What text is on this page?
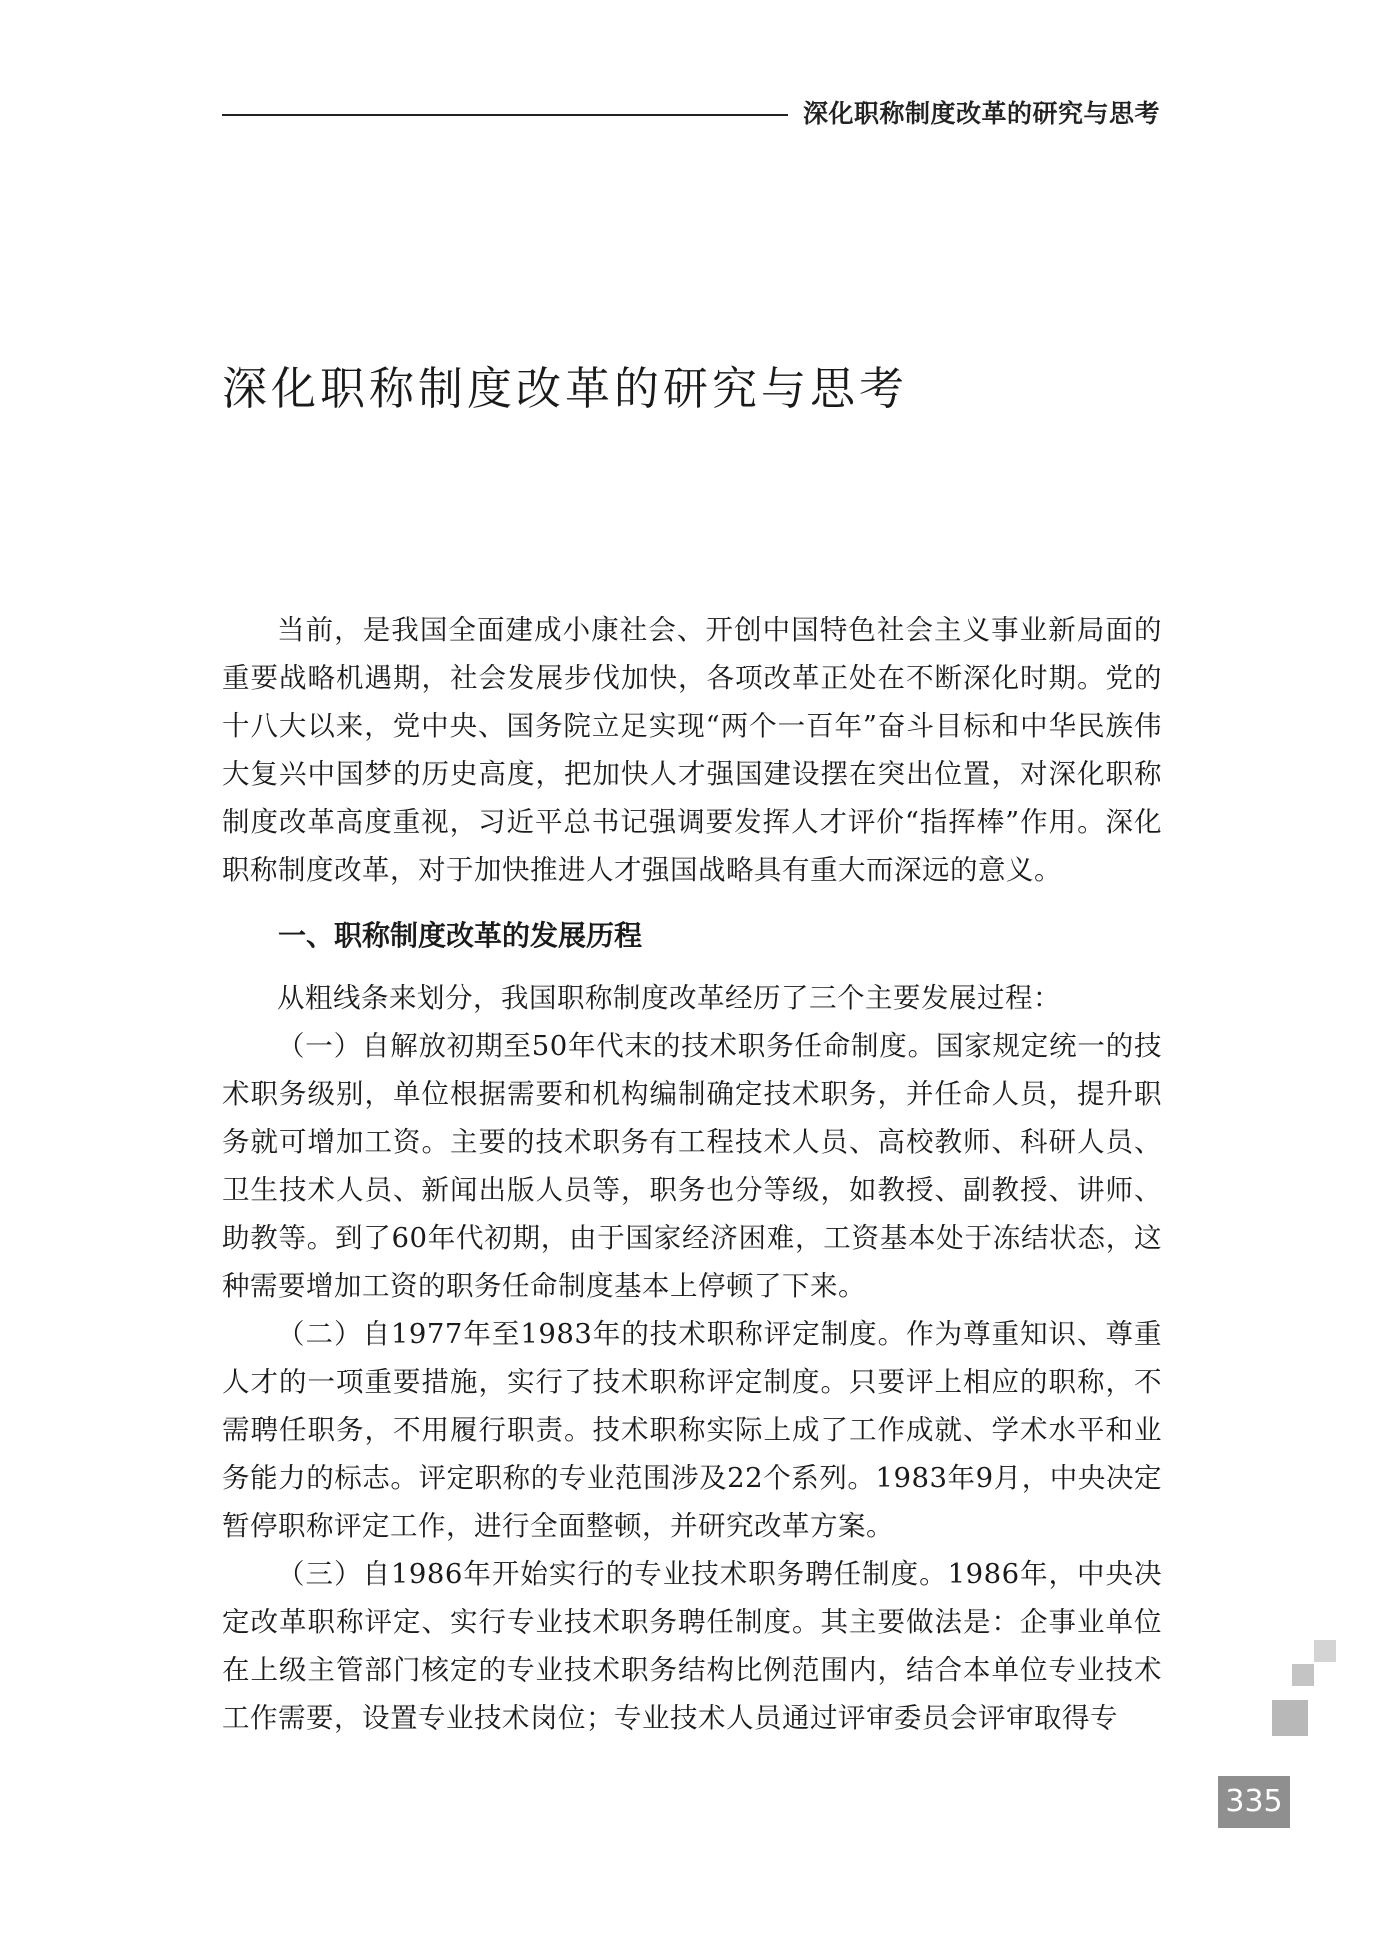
深化职称制度改革的研究与思考
深化职称制度改革的研究与思考

当前，是我国全面建成小康社会、开创中国特色社会主义事业新局面的重要战略机遇期，社会发展步伐加快，各项改革正处在不断深化时期。党的十八大以来，党中央、国务院立足实现“两个一百年”奋斗目标和中华民族伟大复兴中国梦的历史高度，把加快人才强国建设摆在突出位置，对深化职称制度改革高度重视，习近平总书记强调要发挥人才评价“指挥棒”作用。深化职称制度改革，对于加快推进人才强国战略具有重大而深远的意义。

一、职称制度改革的发展历程

从粗线条来划分，我国职称制度改革经历了三个主要发展过程：

（一）自解放初期至50年代末的技术职务任命制度。国家规定统一的技术职务级别，单位根据需要和机构编制确定技术职务，并任命人员，提升职务就可增加工资。主要的技术职务有工程技术人员、高校教师、科研人员、卫生技术人员、新闻出版人员等，职务也分等级，如教授、副教授、讲师、助教等。到了60年代初期，由于国家经济困难，工资基本处于冻结状态，这种需要增加工资的职务任命制度基本上停顿了下来。

（二）自1977年至1983年的技术职称评定制度。作为尊重知识、尊重人才的一项重要措施，实行了技术职称评定制度。只要评上相应的职称，不需聘任职务，不用履行职责。技术职称实际上成了工作成就、学术水平和业务能力的标志。评定职称的专业范围涉及22个系列。1983年9月，中央决定暂停职称评定工作，进行全面整顿，并研究改革方案。

（三）自1986年开始实行的专业技术职务聘任制度。1986年，中央决定改革职称评定、实行专业技术职务聘任制度。其主要做法是：企事业单位在上级主管部门核定的专业技术职务结构比例范围内，结合本单位专业技术工作需要，设置专业技术岗位；专业技术人员通过评审委员会评审取得专

335
